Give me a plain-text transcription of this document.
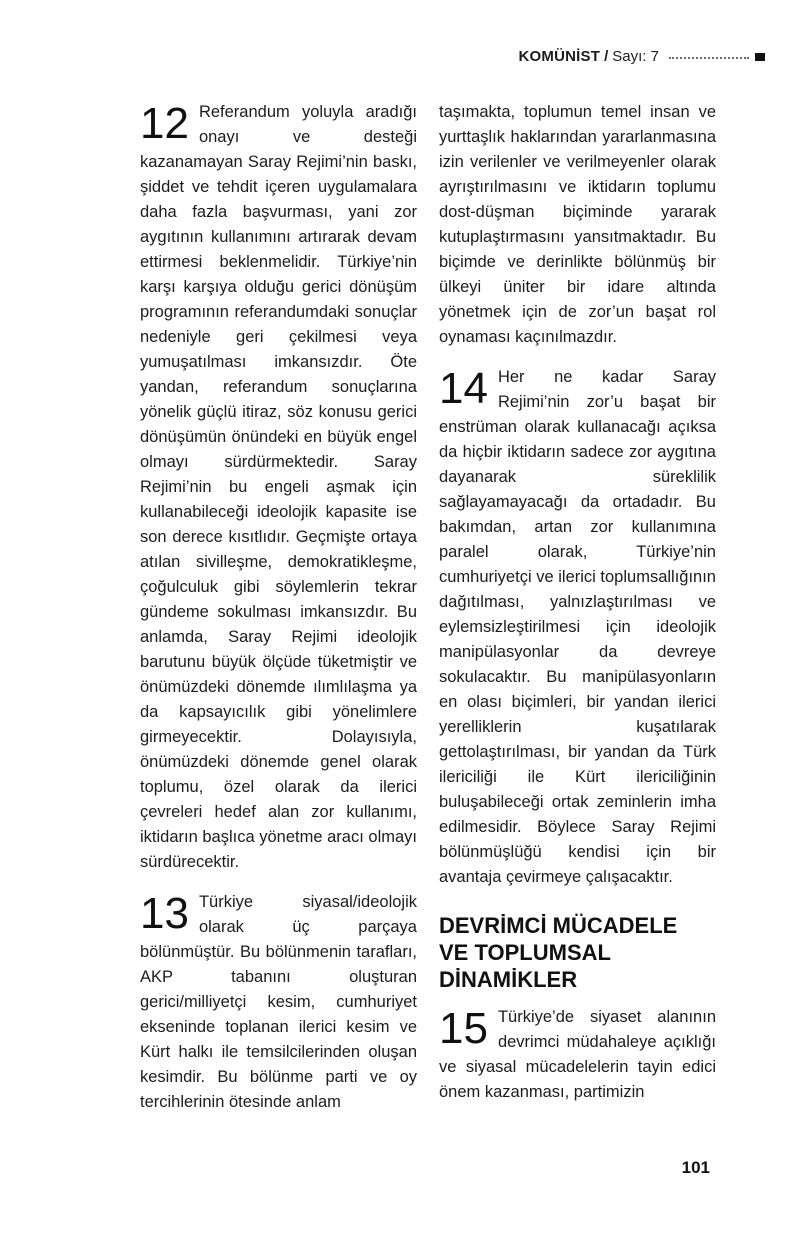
KOMÜNİST / Sayı: 7

12 Referandum yoluyla aradığı onayı ve desteği kazanamayan Saray Rejimi’nin baskı, şiddet ve tehdit içeren uygulamalara daha fazla başvurması, yani zor aygıtının kullanımını artırarak devam ettirmesi beklenmelidir. Türkiye’nin karşı karşıya olduğu gerici dönüşüm programının referandumdaki sonuçlar nedeniyle geri çekilmesi veya yumuşatılması imkansızdır. Öte yandan, referandum sonuçlarına yönelik güçlü itiraz, söz konusu gerici dönüşümün önündeki en büyük engel olmayı sürdürmektedir. Saray Rejimi’nin bu engeli aşmak için kullanabileceği ideolojik kapasite ise son derece kısıtlıdır. Geçmişte ortaya atılan sivilleşme, demokratikleşme, çoğulculuk gibi söylemlerin tekrar gündeme sokulması imkansızdır. Bu anlamda, Saray Rejimi ideolojik barutunu büyük ölçüde tüketmiştir ve önümüzdeki dönemde ılımlılaşma ya da kapsayıcılık gibi yönelimlere girmeyecektir. Dolayısıyla, önümüzdeki dönemde genel olarak toplumu, özel olarak da ilerici çevreleri hedef alan zor kullanımı, iktidarın başlıca yönetme aracı olmayı sürdürecektir.

13 Türkiye siyasal/ideolojik olarak üç parçaya bölünmüştür. Bu bölünmenin tarafları, AKP tabanını oluşturan gerici/milliyetçi kesim, cumhuriyet ekseninde toplanan ilerici kesim ve Kürt halkı ile temsilcilerinden oluşan kesimdir. Bu bölünme parti ve oy tercihlerinin ötesinde anlam

taşımakta, toplumun temel insan ve yurttaşlık haklarından yararlanmasına izin verilenler ve verilmeyenler olarak ayrıştırılmasını ve iktidarın toplumu dost-düşman biçiminde yararak kutuplaştırmasını yansıtmaktadır. Bu biçimde ve derinlikte bölünmüş bir ülkeyi üniter bir idare altında yönetmek için de zor’un başat rol oynaması kaçınılmazdır.

14 Her ne kadar Saray Rejimi’nin zor’u başat bir enstrüman olarak kullanacağı açıksa da hiçbir iktidarın sadece zor aygıtına dayanarak süreklilik sağlayamayacağı da ortadadır. Bu bakımdan, artan zor kullanımına paralel olarak, Türkiye’nin cumhuriyetçi ve ilerici toplumsallığının dağıtılması, yalnızlaştırılması ve eylemsizleştirilmesi için ideolojik manipülasyonlar da devreye sokulacaktır. Bu manipülasyonların en olası biçimleri, bir yandan ilerici yerelliklerin kuşatılarak gettolaştırılması, bir yandan da Türk ilericiliği ile Kürt ilericiliğinin buluşabileceği ortak zeminlerin imha edilmesidir. Böylece Saray Rejimi bölünmüşlüğü kendisi için bir avantaja çevirmeye çalışacaktır.

DEVRİMCİ MÜCADELE
VE TOPLUMSAL
DİNAMİKLER

15 Türkiye’de siyaset alanının devrimci müdahaleye açıklığı ve siyasal mücadelelerin tayin edici önem kazanması, partimizin

101
